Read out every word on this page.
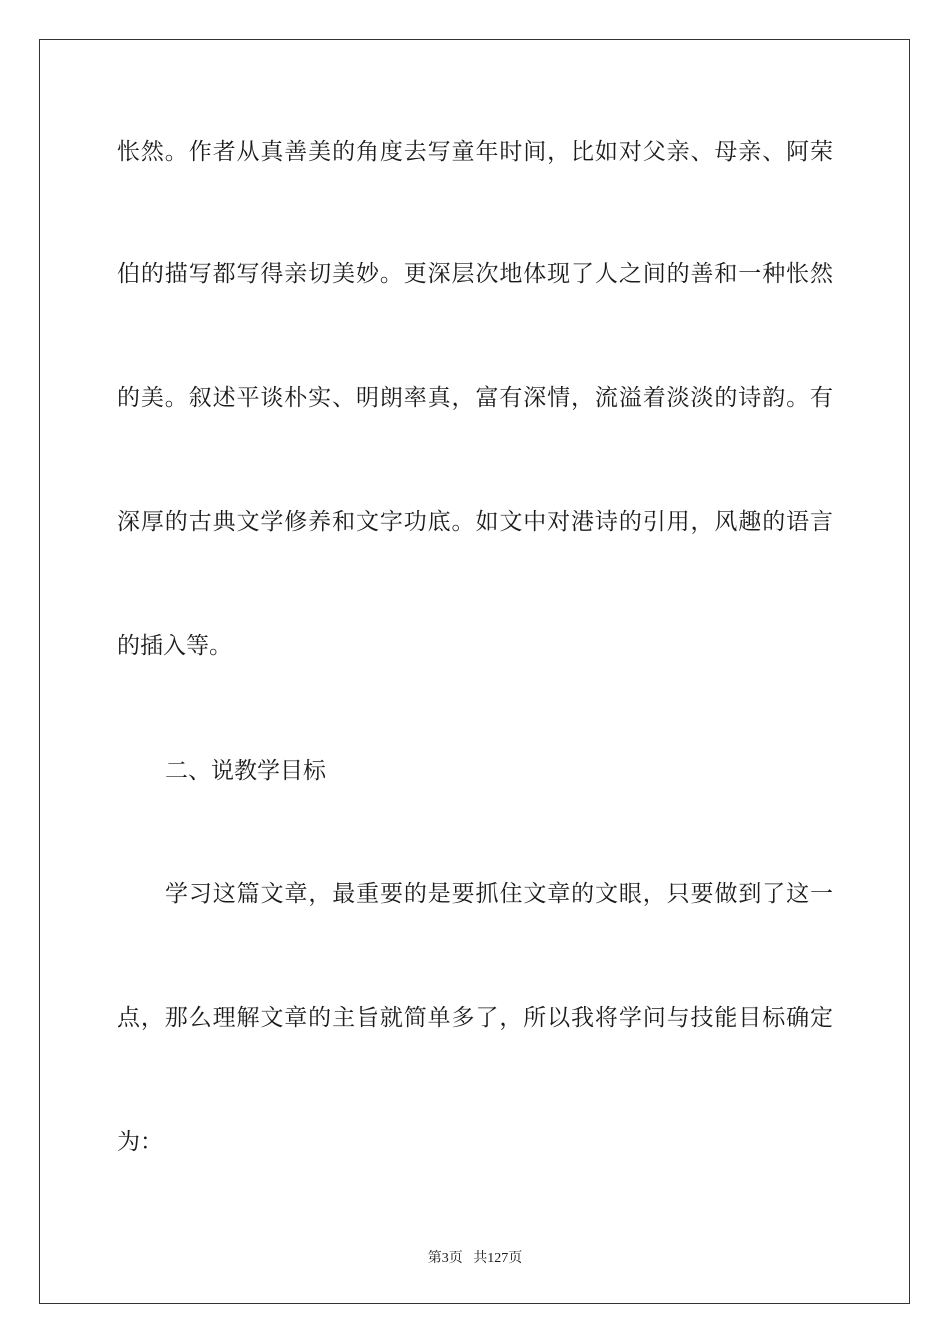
怅然。作者从真善美的角度去写童年时间，比如对父亲、母亲、阿荣
伯的描写都写得亲切美妙。更深层次地体现了人之间的善和一种怅然
的美。叙述平谈朴实、明朗率真，富有深情，流溢着淡淡的诗韵。有
深厚的古典文学修养和文字功底。如文中对港诗的引用，风趣的语言
的插入等。
二、说教学目标
学习这篇文章，最重要的是要抓住文章的文眼，只要做到了这一
点，那么理解文章的主旨就简单多了，所以我将学问与技能目标确定
为：
第3页 共127页
